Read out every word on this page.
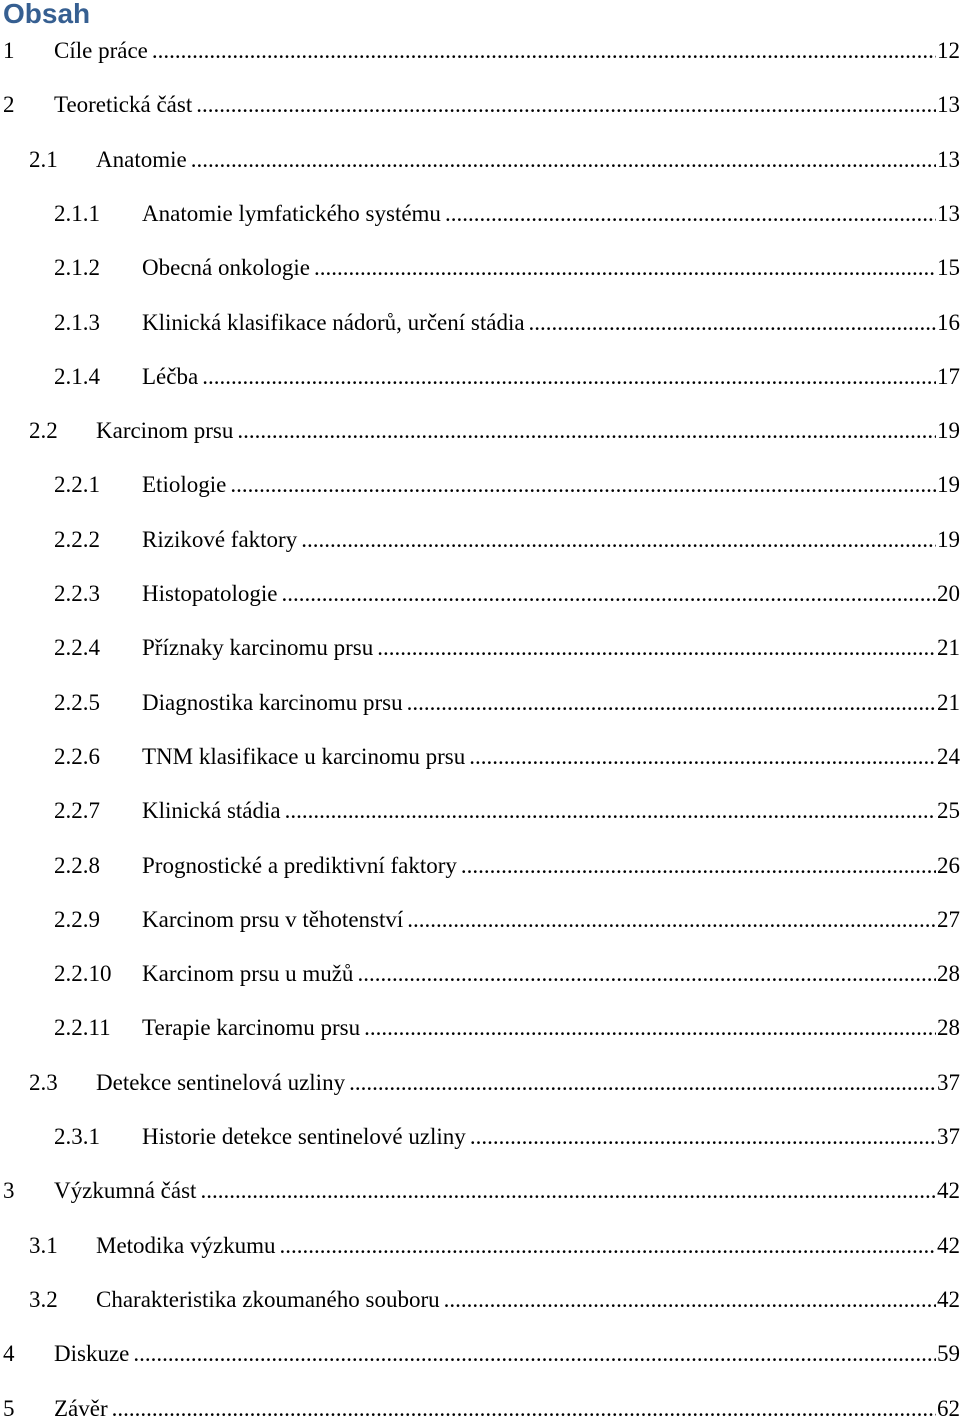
Obsah
1 Cíle práce .....	12
2 Teoretická část .....	13
2.1 Anatomie .....	13
2.1.1 Anatomie lymfatického systému .....	13
2.1.2 Obecná onkologie .....	15
2.1.3 Klinická klasifikace nádorů, určení stádia .....	16
2.1.4 Léčba .....	17
2.2 Karcinom prsu .....	19
2.2.1 Etiologie .....	19
2.2.2 Rizikové faktory .....	19
2.2.3 Histopatologie .....	20
2.2.4 Příznaky karcinomu prsu .....	21
2.2.5 Diagnostika karcinomu prsu .....	21
2.2.6 TNM klasifikace u karcinomu prsu .....	24
2.2.7 Klinická stádia .....	25
2.2.8 Prognostické a prediktivní faktory .....	26
2.2.9 Karcinom prsu v těhotenství .....	27
2.2.10 Karcinom prsu u mužů .....	28
2.2.11 Terapie karcinomu prsu .....	28
2.3 Detekce sentinelová uzliny .....	37
2.3.1 Historie detekce sentinelové uzliny .....	37
3 Výzkumná část .....	42
3.1 Metodika výzkumu .....	42
3.2 Charakteristika zkoumaného souboru .....	42
4 Diskuze .....	59
5 Závěr .....	62
